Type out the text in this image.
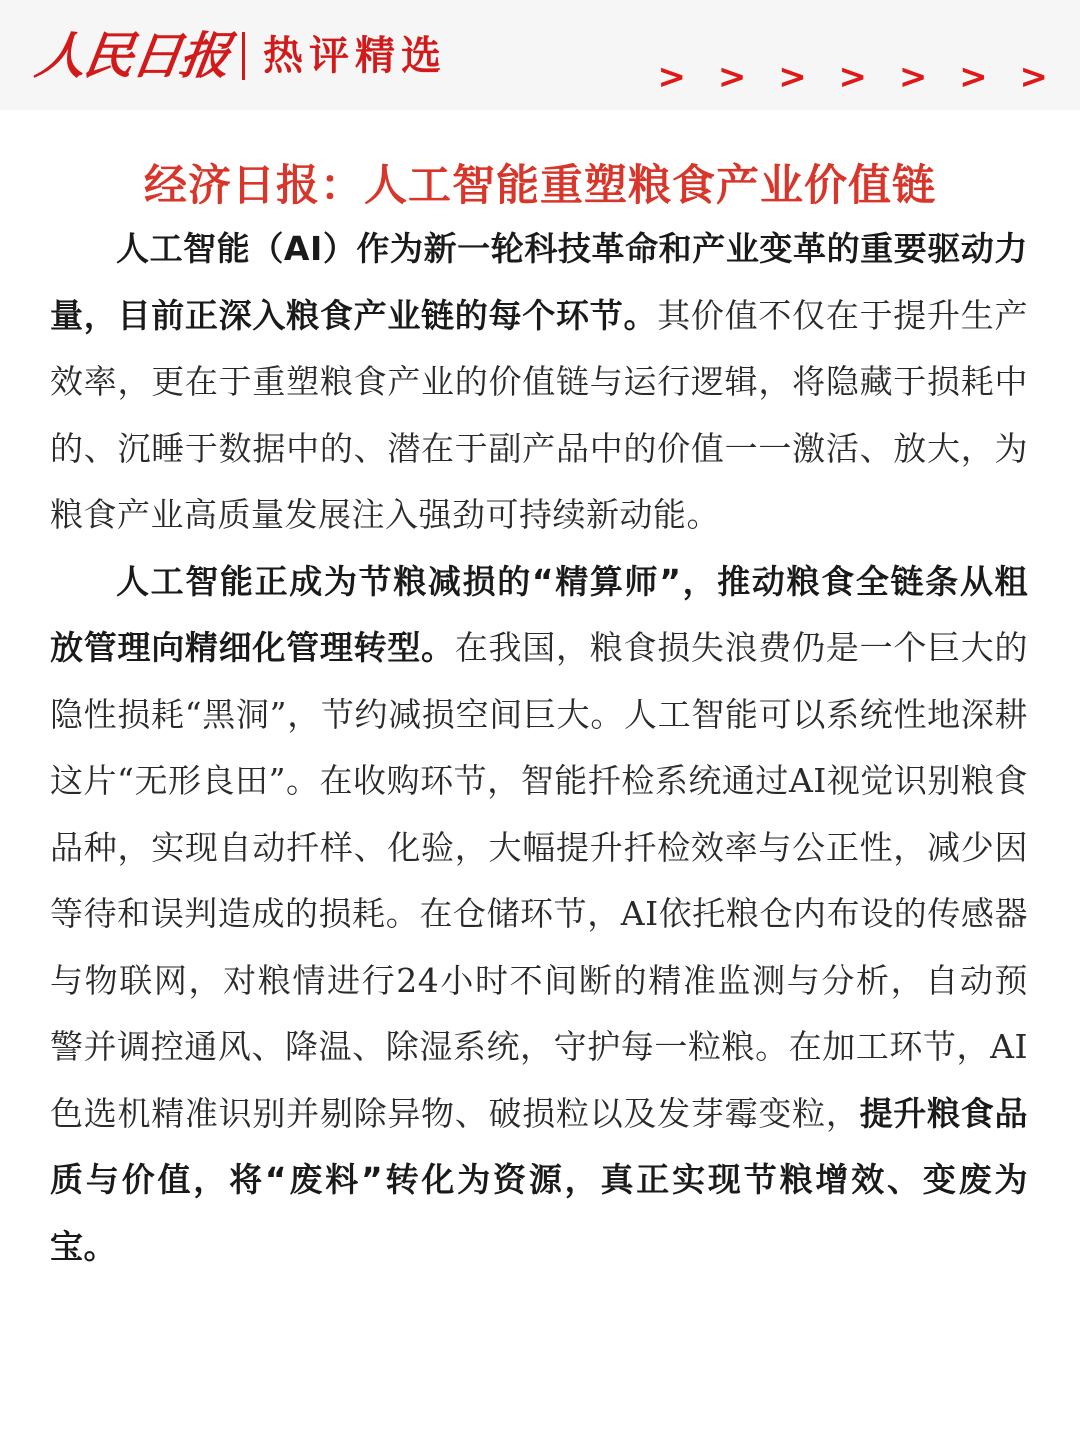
人民日报 热评精选	> > > > > > >
经济日报：人工智能重塑粮食产业价值链

人工智能（AI）作为新一轮科技革命和产业变革的重要驱动力量，目前正深入粮食产业链的每个环节。其价值不仅在于提升生产效率，更在于重塑粮食产业的价值链与运行逻辑，将隐藏于损耗中的、沉睡于数据中的、潜在于副产品中的价值一一激活、放大，为粮食产业高质量发展注入强劲可持续新动能。

人工智能正成为节粮减损的“精算师”，推动粮食全链条从粗放管理向精细化管理转型。在我国，粮食损失浪费仍是一个巨大的隐性损耗“黑洞”，节约减损空间巨大。人工智能可以系统性地深耕这片“无形良田”。在收购环节，智能扦检系统通过AI视觉识别粮食品种，实现自动扦样、化验，大幅提升扦检效率与公正性，减少因等待和误判造成的损耗。在仓储环节，AI依托粮仓内布设的传感器与物联网，对粮情进行24小时不间断的精准监测与分析，自动预警并调控通风、降温、除湿系统，守护每一粒粮。在加工环节，AI色选机精准识别并剔除异物、破损粒以及发芽霉变粒，提升粮食品质与价值，将“废料”转化为资源，真正实现节粮增效、变废为宝。
